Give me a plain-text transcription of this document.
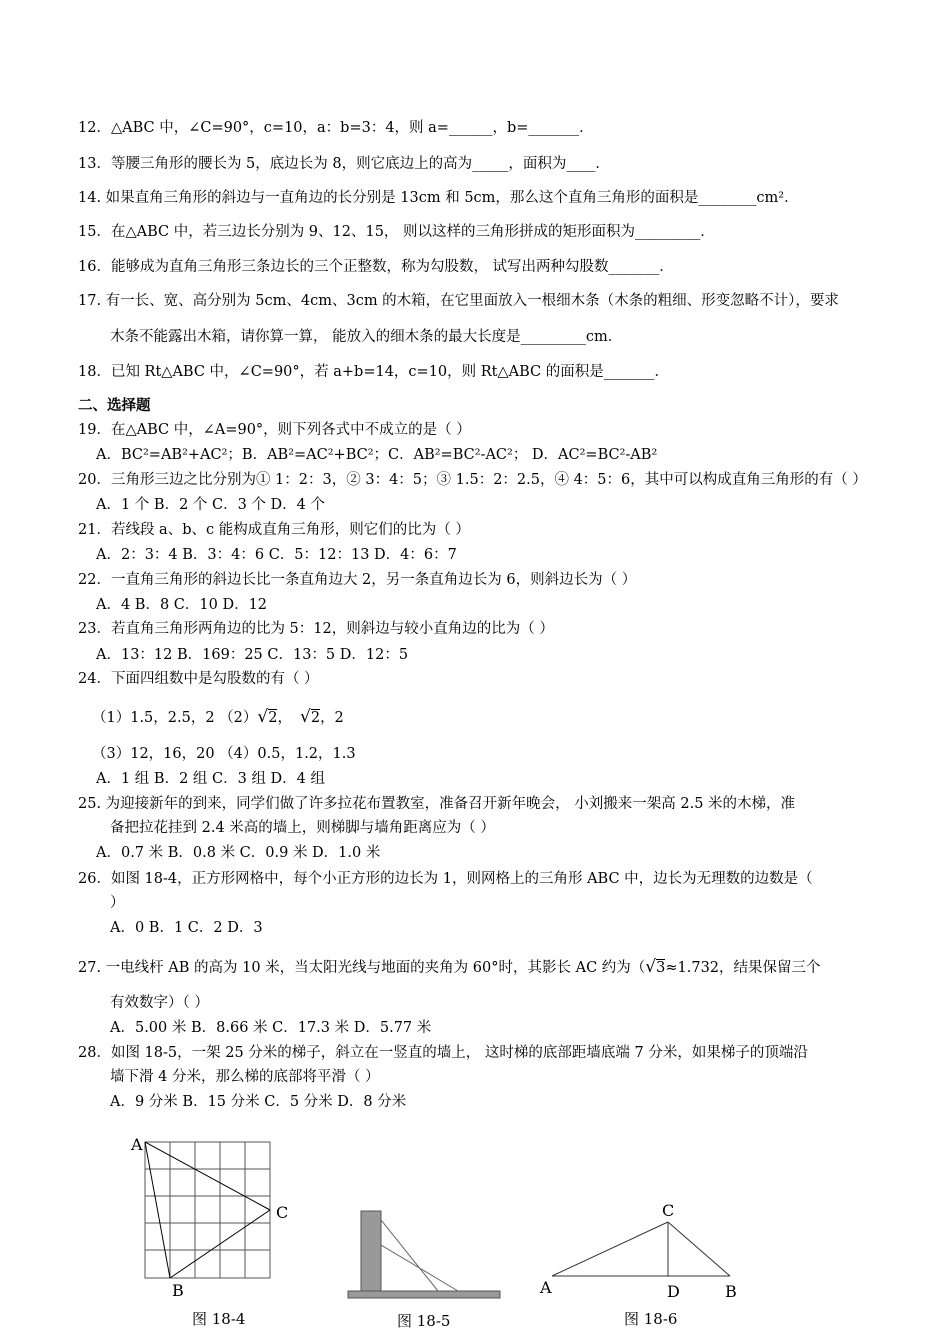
12．△ABC 中，∠C=90°，c=10，a：b=3：4，则 a=______，b=_______．
13．等腰三角形的腰长为 5，底边长为 8，则它底边上的高为_____，面积为____．
14. 如果直角三角形的斜边与一直角边的长分别是 13cm 和 5cm，那么这个直角三角形的面积是________cm²．
15．在△ABC 中，若三边长分别为 9、12、15， 则以这样的三角形拼成的矩形面积为_________．
16．能够成为直角三角形三条边长的三个正整数，称为勾股数， 试写出两种勾股数_______．
17. 有一长、宽、高分别为 5cm、4cm、3cm 的木箱，在它里面放入一根细木条（木条的粗细、形变忽略不计），要求
木条不能露出木箱，请你算一算， 能放入的细木条的最大长度是_________cm．
18．已知 Rt△ABC 中，∠C=90°，若 a+b=14，c=10，则 Rt△ABC 的面积是_______．
二、选择题
19．在△ABC 中，∠A=90°，则下列各式中不成立的是（ ）
A．BC²=AB²+AC²；B．AB²=AC²+BC²；C．AB²=BC²-AC²； D．AC²=BC²-AB²
20．三角形三边之比分别为① 1：2：3，② 3：4：5；③ 1.5：2：2.5，④ 4：5：6，其中可以构成直角三角形的有（ ）
A．1 个 B．2 个 C．3 个 D．4 个
21．若线段 a、b、c 能构成直角三角形，则它们的比为（ ）
A．2：3：4 B．3：4：6 C．5：12：13 D．4：6：7
22．一直角三角形的斜边长比一条直角边大 2，另一条直角边长为 6，则斜边长为（ ）
A．4 B．8 C．10 D．12
23．若直角三角形两角边的比为 5：12，则斜边与较小直角边的比为（ ）
A．13：12 B．169：25 C．13：5 D．12：5
24．下面四组数中是勾股数的有（ ）
（1）1.5，2.5，2 （2）√2， √2，2
（3）12，16，20 （4）0.5，1.2，1.3
A．1 组 B．2 组 C．3 组 D．4 组
25. 为迎接新年的到来，同学们做了许多拉花布置教室，准备召开新年晚会， 小刘搬来一架高 2.5 米的木梯，准
备把拉花挂到 2.4 米高的墙上，则梯脚与墙角距离应为（ ）
A．0.7 米 B．0.8 米 C．0.9 米 D．1.0 米
26．如图 18-4，正方形网格中，每个小正方形的边长为 1，则网格上的三角形 ABC 中，边长为无理数的边数是（
）
A．0 B．1 C．2 D．3
27. 一电线杆 AB 的高为 10 米，当太阳光线与地面的夹角为 60°时，其影长 AC 约为（√3≈1.732，结果保留三个
有效数字）（ ）
A．5.00 米 B．8.66 米 C．17.3 米 D．5.77 米
28．如图 18-5，一架 25 分米的梯子，斜立在一竖直的墙上， 这时梯的底部距墙底端 7 分米，如果梯子的顶端沿
墙下滑 4 分米，那么梯的底部将平滑（ ）
A．9 分米 B．15 分米 C．5 分米 D．8 分米
A
B
C
A
C
D	B
图 18-4	图 18-5	图 18-6
